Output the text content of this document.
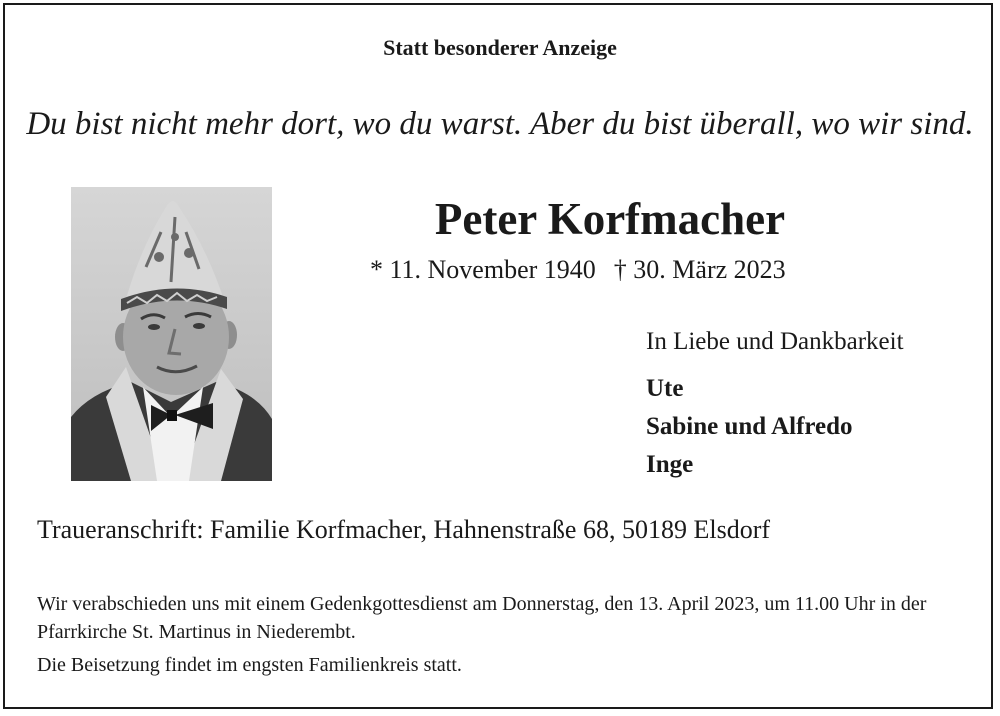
Statt besonderer Anzeige
Du bist nicht mehr dort, wo du warst. Aber du bist überall, wo wir sind.
Peter Korfmacher
* 11. November 1940 † 30. März 2023
In Liebe und Dankbarkeit
Ute
Sabine und Alfredo
Inge
Traueranschrift: Familie Korfmacher, Hahnenstraße 68, 50189 Elsdorf
Wir verabschieden uns mit einem Gedenkgottesdienst am Donnerstag, den 13. April 2023, um 11.00 Uhr in der Pfarrkirche St. Martinus in Niederembt.
Die Beisetzung findet im engsten Familienkreis statt.
